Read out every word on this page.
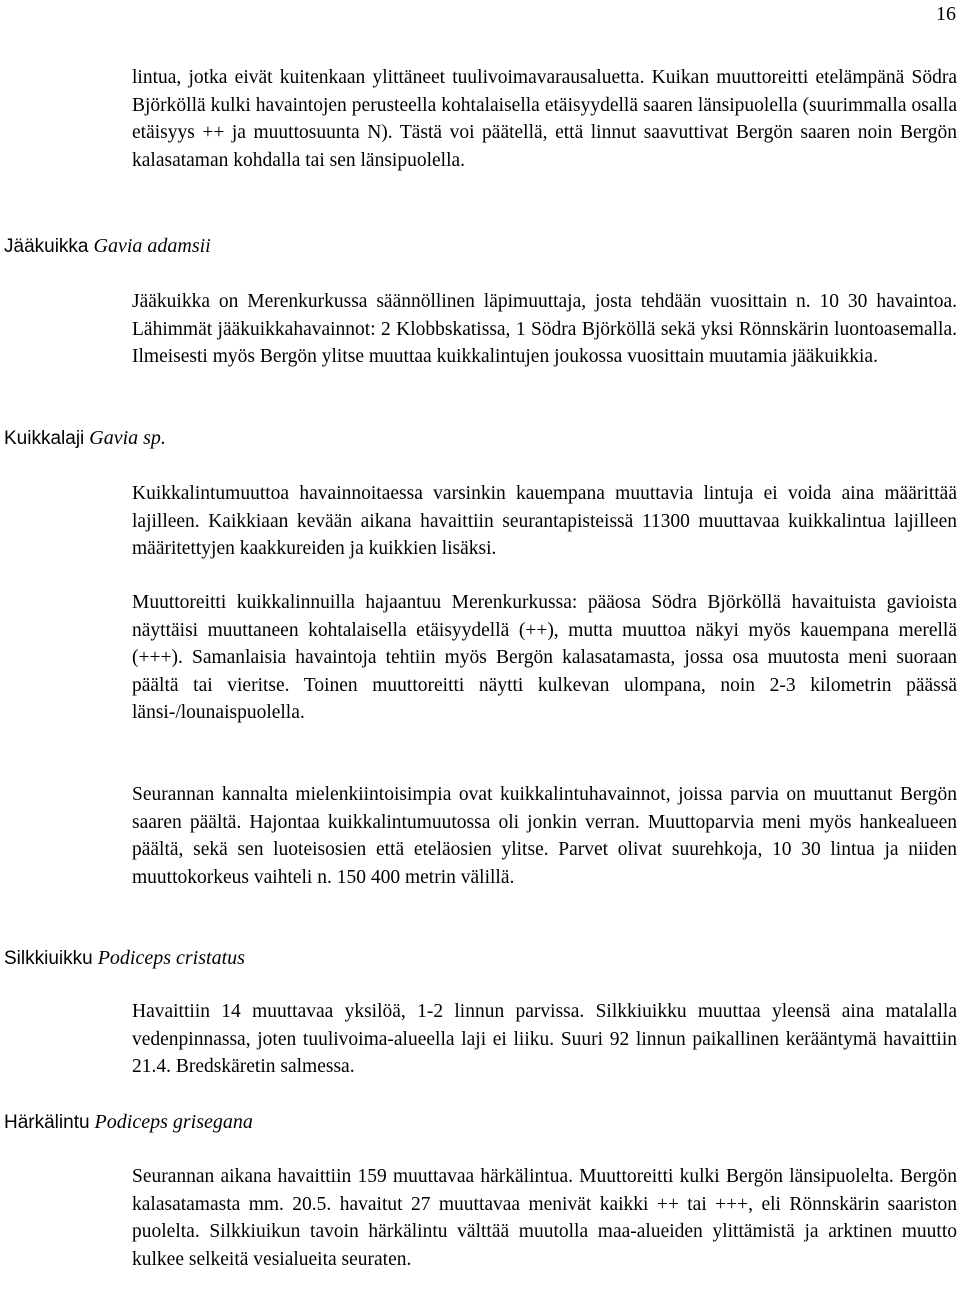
16

lintua, jotka eivät kuitenkaan ylittäneet tuulivoimavarausaluetta. Kuikan muuttoreitti etelämpänä Södra Björköllä kulki havaintojen perusteella kohtalaisella etäisyydellä saaren länsipuolella (suurimmalla osalla etäisyys ++ ja muuttosuunta N). Tästä voi päätellä, että linnut saavuttivat Bergön saaren noin Bergön kalasataman kohdalla tai sen länsipuolella.

Jääkuikka Gavia adamsii

Jääkuikka on Merenkurkussa säännöllinen läpimuuttaja, josta tehdään vuosittain n. 10 30 havaintoa. Lähimmät jääkuikkahavainnot: 2 Klobbskatissa, 1 Södra Björköllä sekä yksi Rönnskärin luontoasemalla. Ilmeisesti myös Bergön ylitse muuttaa kuikkalintujen joukossa vuosittain muutamia jääkuikkia.

Kuikkalaji Gavia sp.

Kuikkalintumuuttoa havainnoitaessa varsinkin kauempana muuttavia lintuja ei voida aina määrittää lajilleen. Kaikkiaan kevään aikana havaittiin seurantapisteissä 11300 muuttavaa kuikkalintua lajilleen määritettyjen kaakkureiden ja kuikkien lisäksi.

Muuttoreitti kuikkalinnuilla hajaantuu Merenkurkussa: pääosa Södra Björköllä havaituista gavioista näyttäisi muuttaneen kohtalaisella etäisyydellä (++), mutta muuttoa näkyi myös kauempana merellä (+++). Samanlaisia havaintoja tehtiin myös Bergön kalasatamasta, jossa osa muutosta meni suoraan päältä tai vieritse. Toinen muuttoreitti näytti kulkevan ulompana, noin 2-3 kilometrin päässä länsi-/lounaispuolella.

Seurannan kannalta mielenkiintoisimpia ovat kuikkalintuhavainnot, joissa parvia on muuttanut Bergön saaren päältä. Hajontaa kuikkalintumuutossa oli jonkin verran. Muuttoparvia meni myös hankealueen päältä, sekä sen luoteisosien että eteläosien ylitse. Parvet olivat suurehkoja, 10 30 lintua ja niiden muuttokorkeus vaihteli n. 150 400 metrin välillä.

Silkkiuikku Podiceps cristatus

Havaittiin 14 muuttavaa yksilöä, 1-2 linnun parvissa. Silkkiuikku muuttaa yleensä aina matalalla vedenpinnassa, joten tuulivoima-alueella laji ei liiku. Suuri 92 linnun paikallinen kerääntymä havaittiin 21.4. Bredskäretin salmessa.

Härkälintu Podiceps grisegana

Seurannan aikana havaittiin 159 muuttavaa härkälintua. Muuttoreitti kulki Bergön länsipuolelta. Bergön kalasatamasta mm. 20.5. havaitut 27 muuttavaa menivät kaikki ++ tai +++, eli Rönnskärin saariston puolelta. Silkkiuikun tavoin härkälintu välttää muutolla maa-alueiden ylittämistä ja arktinen muutto kulkee selkeitä vesialueita seuraten.
